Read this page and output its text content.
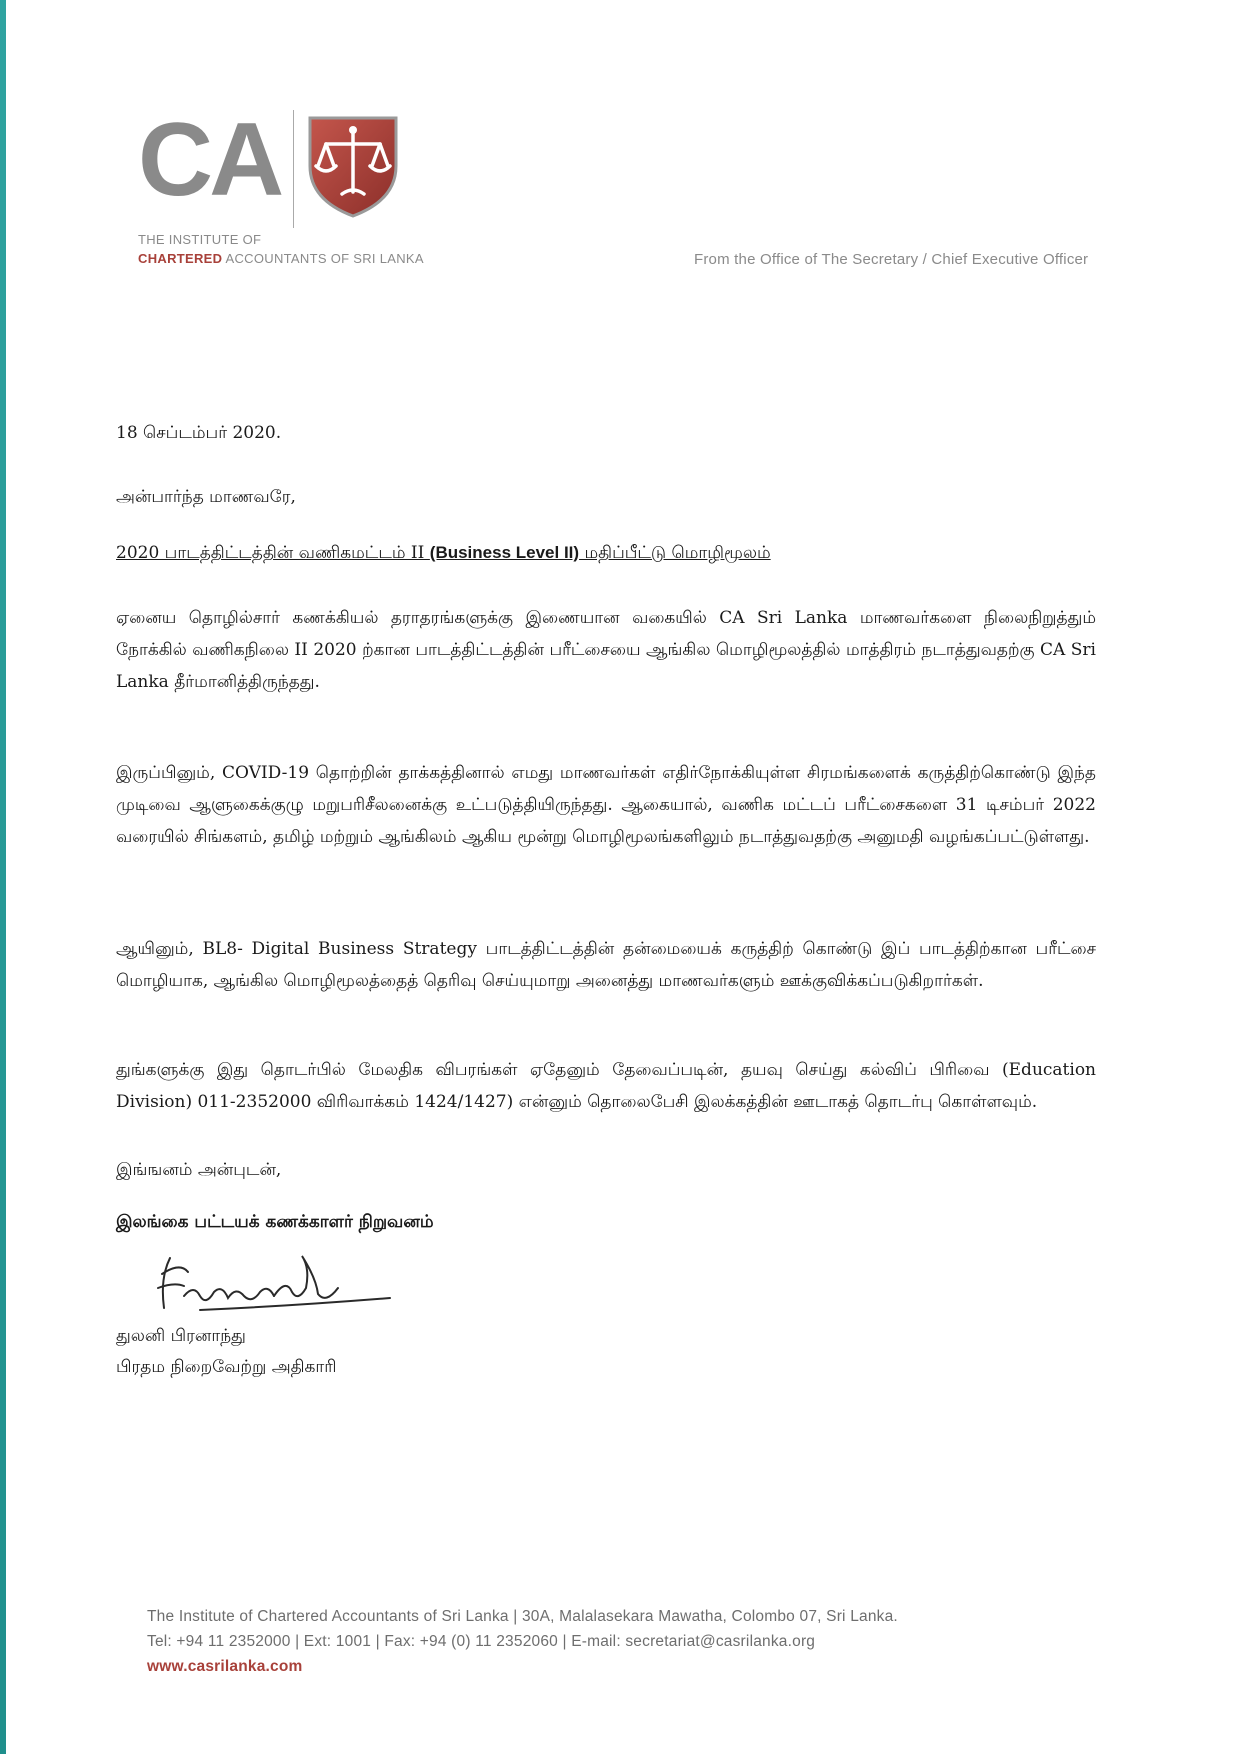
CA
THE INSTITUTE OF
CHARTERED ACCOUNTANTS OF SRI LANKA	From the Office of The Secretary / Chief Executive Officer
18 செப்டம்பர் 2020.
அன்பார்ந்த மாணவரே,
2020 பாடத்திட்டத்தின் வணிகமட்டம் II (Business Level II) மதிப்பீட்டு மொழிமூலம்
ஏனைய தொழில்சார் கணக்கியல் தராதரங்களுக்கு இணையான வகையில் CA Sri Lanka மாணவர்களை நிலைநிறுத்தும் நோக்கில் வணிகநிலை II 2020 ற்கான பாடத்திட்டத்தின் பரீட்சையை ஆங்கில மொழிமூலத்தில் மாத்திரம் நடாத்துவதற்கு CA Sri Lanka தீர்மானித்திருந்தது.
இருப்பினும், COVID-19 தொற்றின் தாக்கத்தினால் எமது மாணவர்கள் எதிர்நோக்கியுள்ள சிரமங்களைக் கருத்திற்கொண்டு இந்த முடிவை ஆளுகைக்குழு மறுபரிசீலனைக்கு உட்படுத்தியிருந்தது. ஆகையால், வணிக மட்டப் பரீட்சைகளை 31 டிசம்பர் 2022 வரையில் சிங்களம், தமிழ் மற்றும் ஆங்கிலம் ஆகிய மூன்று மொழிமூலங்களிலும் நடாத்துவதற்கு அனுமதி வழங்கப்பட்டுள்ளது.
ஆயினும், BL8- Digital Business Strategy பாடத்திட்டத்தின் தன்மையைக் கருத்திற் கொண்டு இப் பாடத்திற்கான பரீட்சை மொழியாக, ஆங்கில மொழிமூலத்தைத் தெரிவு செய்யுமாறு அனைத்து மாணவர்களும் ஊக்குவிக்கப்படுகிறார்கள்.
துங்களுக்கு இது தொடர்பில் மேலதிக விபரங்கள் ஏதேனும் தேவைப்படின், தயவு செய்து கல்விப் பிரிவை (Education Division) 011-2352000 விரிவாக்கம் 1424/1427) என்னும் தொலைபேசி இலக்கத்தின் ஊடாகத் தொடர்பு கொள்ளவும்.
இங்ஙனம் அன்புடன்,
இலங்கை பட்டயக் கணக்காளர் நிறுவனம்
துலனி பிரனாந்து
பிரதம நிறைவேற்று அதிகாரி
The Institute of Chartered Accountants of Sri Lanka | 30A, Malalasekara Mawatha, Colombo 07, Sri Lanka.
Tel: +94 11 2352000 | Ext: 1001 | Fax: +94 (0) 11 2352060 | E-mail: secretariat@casrilanka.org
www.casrilanka.com
